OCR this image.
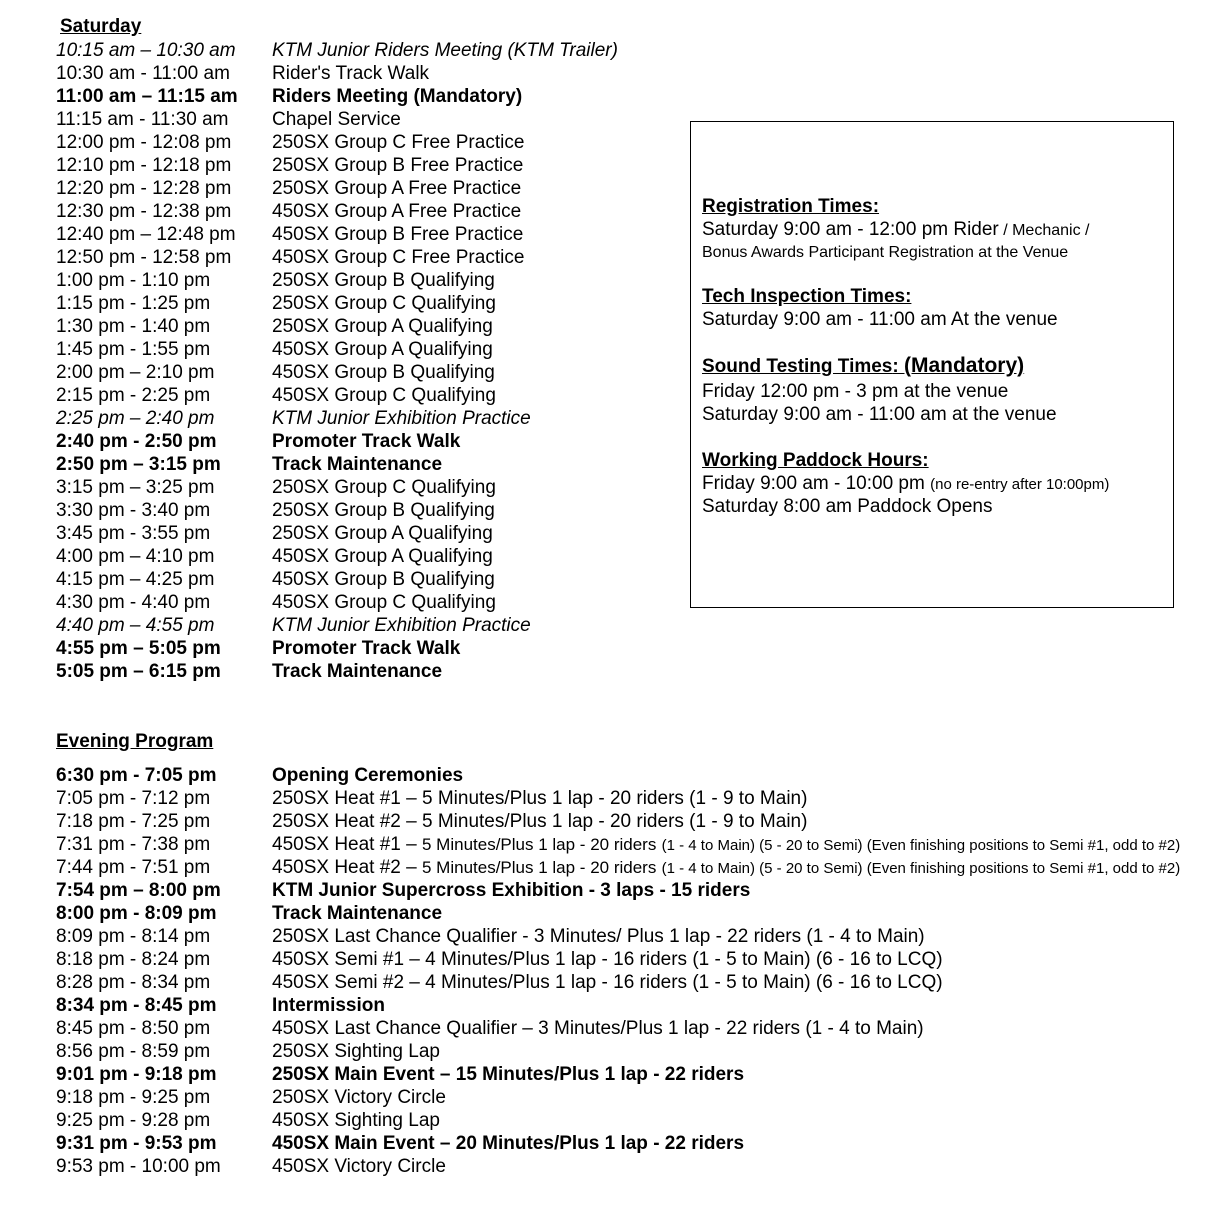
Saturday
10:15 am – 10:30 am KTM Junior Riders Meeting (KTM Trailer)
10:30 am - 11:00 am Rider's Track Walk
11:00 am – 11:15 am Riders Meeting (Mandatory)
11:15 am - 11:30 am Chapel Service
12:00 pm - 12:08 pm 250SX Group C Free Practice
12:10 pm - 12:18 pm 250SX Group B Free Practice
12:20 pm - 12:28 pm 250SX Group A Free Practice
12:30 pm - 12:38 pm 450SX Group A Free Practice
12:40 pm – 12:48 pm 450SX Group B Free Practice
12:50 pm - 12:58 pm 450SX Group C Free Practice
1:00 pm - 1:10 pm	250SX Group B Qualifying
1:15 pm - 1:25 pm	250SX Group C Qualifying
1:30 pm - 1:40 pm	250SX Group A Qualifying
1:45 pm - 1:55 pm	450SX Group A Qualifying
2:00 pm – 2:10 pm	450SX Group B Qualifying
2:15 pm - 2:25 pm	450SX Group C Qualifying
2:25 pm – 2:40 pm	KTM Junior Exhibition Practice
2:40 pm - 2:50 pm	Promoter Track Walk
2:50 pm – 3:15 pm	Track Maintenance
3:15 pm – 3:25 pm	250SX Group C Qualifying
3:30 pm - 3:40 pm	250SX Group B Qualifying
3:45 pm - 3:55 pm	250SX Group A Qualifying
4:00 pm – 4:10 pm	450SX Group A Qualifying
4:15 pm – 4:25 pm	450SX Group B Qualifying
4:30 pm - 4:40 pm	450SX Group C Qualifying
4:40 pm – 4:55 pm	KTM Junior Exhibition Practice
4:55 pm – 5:05 pm	Promoter Track Walk
5:05 pm – 6:15 pm	Track Maintenance
Evening Program
6:30 pm - 7:05 pm	Opening Ceremonies
7:05 pm - 7:12 pm	250SX Heat #1 – 5 Minutes/Plus 1 lap - 20 riders (1 - 9 to Main)
7:18 pm - 7:25 pm	250SX Heat #2 – 5 Minutes/Plus 1 lap - 20 riders (1 - 9 to Main)
7:31 pm - 7:38 pm	450SX Heat #1 – 5 Minutes/Plus 1 lap - 20 riders (1 - 4 to Main) (5 - 20 to Semi) (Even finishing positions to Semi #1, odd to #2)
7:44 pm - 7:51 pm	450SX Heat #2 – 5 Minutes/Plus 1 lap - 20 riders (1 - 4 to Main) (5 - 20 to Semi) (Even finishing positions to Semi #1, odd to #2)
7:54 pm – 8:00 pm	KTM Junior Supercross Exhibition - 3 laps - 15 riders
8:00 pm - 8:09 pm	Track Maintenance
8:09 pm - 8:14 pm	250SX Last Chance Qualifier - 3 Minutes/ Plus 1 lap - 22 riders (1 - 4 to Main)
8:18 pm - 8:24 pm	450SX Semi #1 – 4 Minutes/Plus 1 lap - 16 riders (1 - 5 to Main) (6 - 16 to LCQ)
8:28 pm - 8:34 pm	450SX Semi #2 – 4 Minutes/Plus 1 lap - 16 riders (1 - 5 to Main) (6 - 16 to LCQ)
8:34 pm - 8:45 pm	Intermission
8:45 pm - 8:50 pm	450SX Last Chance Qualifier – 3 Minutes/Plus 1 lap - 22 riders (1 - 4 to Main)
8:56 pm - 8:59 pm	250SX Sighting Lap
9:01 pm - 9:18 pm	250SX Main Event – 15 Minutes/Plus 1 lap - 22 riders
9:18 pm - 9:25 pm	250SX Victory Circle
9:25 pm - 9:28 pm	450SX Sighting Lap
9:31 pm - 9:53 pm	450SX Main Event – 20 Minutes/Plus 1 lap - 22 riders
9:53 pm - 10:00 pm	450SX Victory Circle
Registration Times:
Saturday 9:00 am - 12:00 pm Rider / Mechanic /
Bonus Awards Participant Registration at the Venue
Tech Inspection Times:
Saturday 9:00 am - 11:00 am At the venue
Sound Testing Times: (Mandatory)
Friday 12:00 pm - 3 pm at the venue
Saturday 9:00 am - 11:00 am at the venue
Working Paddock Hours:
Friday 9:00 am - 10:00 pm (no re-entry after 10:00pm)
Saturday 8:00 am Paddock Opens
